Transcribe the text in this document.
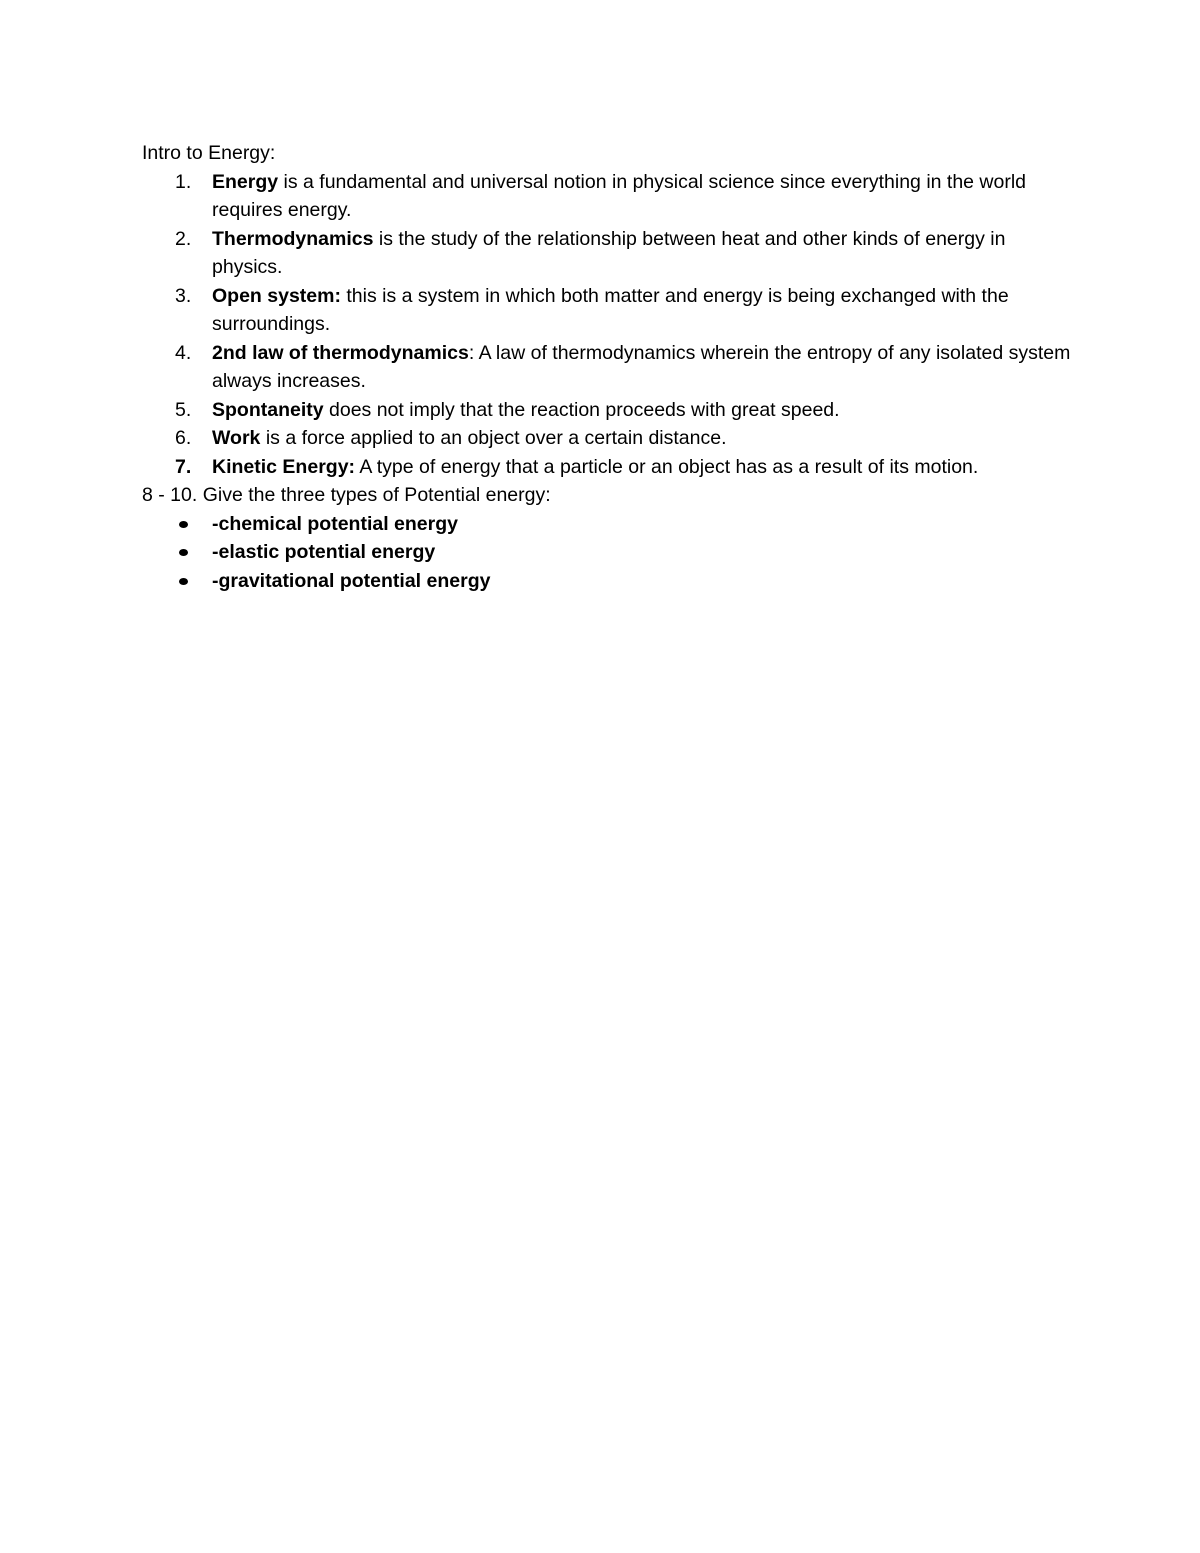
Intro to Energy:

1. Energy is a fundamental and universal notion in physical science since everything in the world requires energy.
2. Thermodynamics is the study of the relationship between heat and other kinds of energy in physics.
3. Open system: this is a system in which both matter and energy is being exchanged with the surroundings.
4. 2nd law of thermodynamics: A law of thermodynamics wherein the entropy of any isolated system always increases.
5. Spontaneity does not imply that the reaction proceeds with great speed.
6. Work is a force applied to an object over a certain distance.
7. Kinetic Energy: A type of energy that a particle or an object has as a result of its motion.

8 - 10. Give the three types of Potential energy:

-chemical potential energy
-elastic potential energy
-gravitational potential energy
